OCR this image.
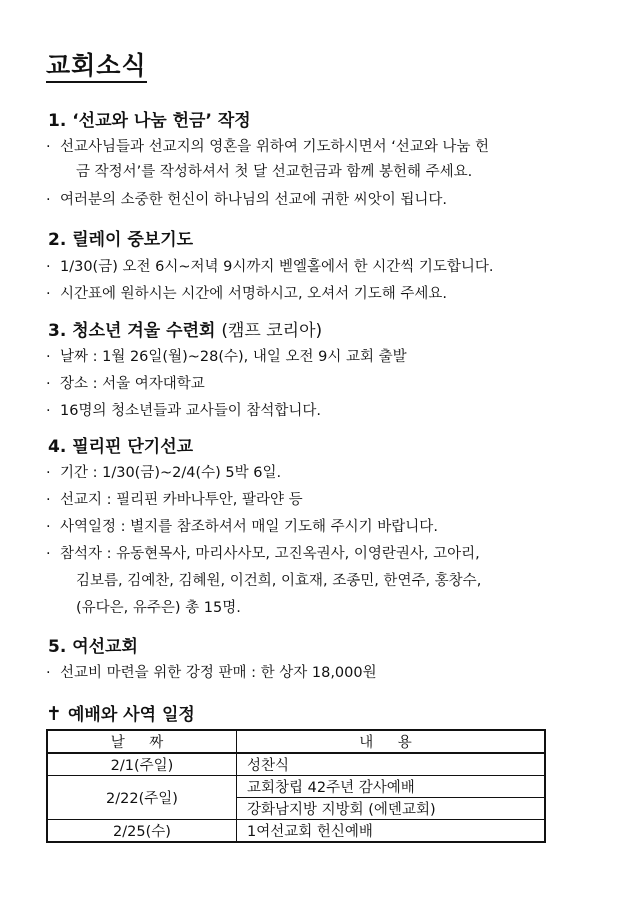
교회소식
1. ‘선교와 나눔 헌금’ 작정
· 선교사님들과 선교지의 영혼을 위하여 기도하시면서 ‘선교와 나눔 헌
금 작정서’를 작성하셔서 첫 달 선교헌금과 함께 봉헌해 주세요.
· 여러분의 소중한 헌신이 하나님의 선교에 귀한 씨앗이 됩니다.
2. 릴레이 중보기도
· 1/30(금) 오전 6시~저녁 9시까지 벧엘홀에서 한 시간씩 기도합니다.
· 시간표에 원하시는 시간에 서명하시고, 오셔서 기도해 주세요.
3. 청소년 겨울 수련회 (캠프 코리아)
· 날짜 : 1월 26일(월)~28(수), 내일 오전 9시 교회 출발
· 장소 : 서울 여자대학교
· 16명의 청소년들과 교사들이 참석합니다.
4. 필리핀 단기선교
· 기간 : 1/30(금)~2/4(수) 5박 6일.
· 선교지 : 필리핀 카바나투안, 팔라얀 등
· 사역일정 : 별지를 참조하셔서 매일 기도해 주시기 바랍니다.
· 참석자 : 유동현목사, 마리사사모, 고진옥권사, 이영란권사, 고아리,
김보름, 김예찬, 김혜원, 이건희, 이효재, 조종민, 한연주, 홍창수,
(유다은, 유주은) 총 15명.
5. 여선교회
· 선교비 마련을 위한 강정 판매 : 한 상자 18,000원
✝ 예배와 사역 일정
날 짜	내 용
2/1(주일)	성찬식
2/22(주일)	교회창립 42주년 감사예배
	강화남지방 지방회 (에덴교회)
2/25(수)	1여선교회 헌신예배
